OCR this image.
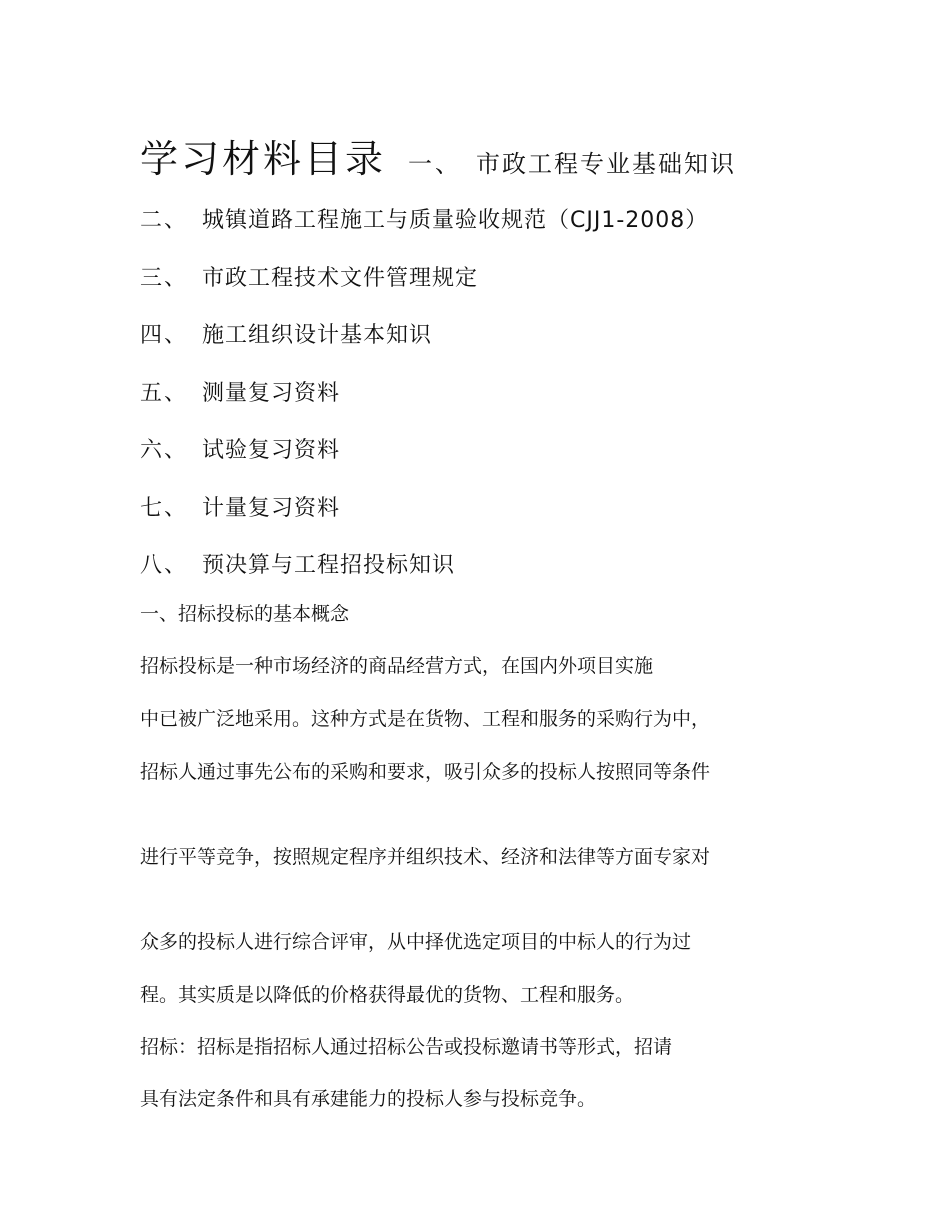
学习材料目录 一、 市政工程专业基础知识
二、 城镇道路工程施工与质量验收规范（CJJ1-2008）
三、 市政工程技术文件管理规定
四、 施工组织设计基本知识
五、 测量复习资料
六、 试验复习资料
七、 计量复习资料
八、 预决算与工程招投标知识
一、招标投标的基本概念
招标投标是一种市场经济的商品经营方式，在国内外项目实施
中已被广泛地采用。这种方式是在货物、工程和服务的采购行为中，
招标人通过事先公布的采购和要求，吸引众多的投标人按照同等条件
进行平等竞争，按照规定程序并组织技术、经济和法律等方面专家对
众多的投标人进行综合评审，从中择优选定项目的中标人的行为过
程。其实质是以降低的价格获得最优的货物、工程和服务。
招标：招标是指招标人通过招标公告或投标邀请书等形式，招请
具有法定条件和具有承建能力的投标人参与投标竞争。
